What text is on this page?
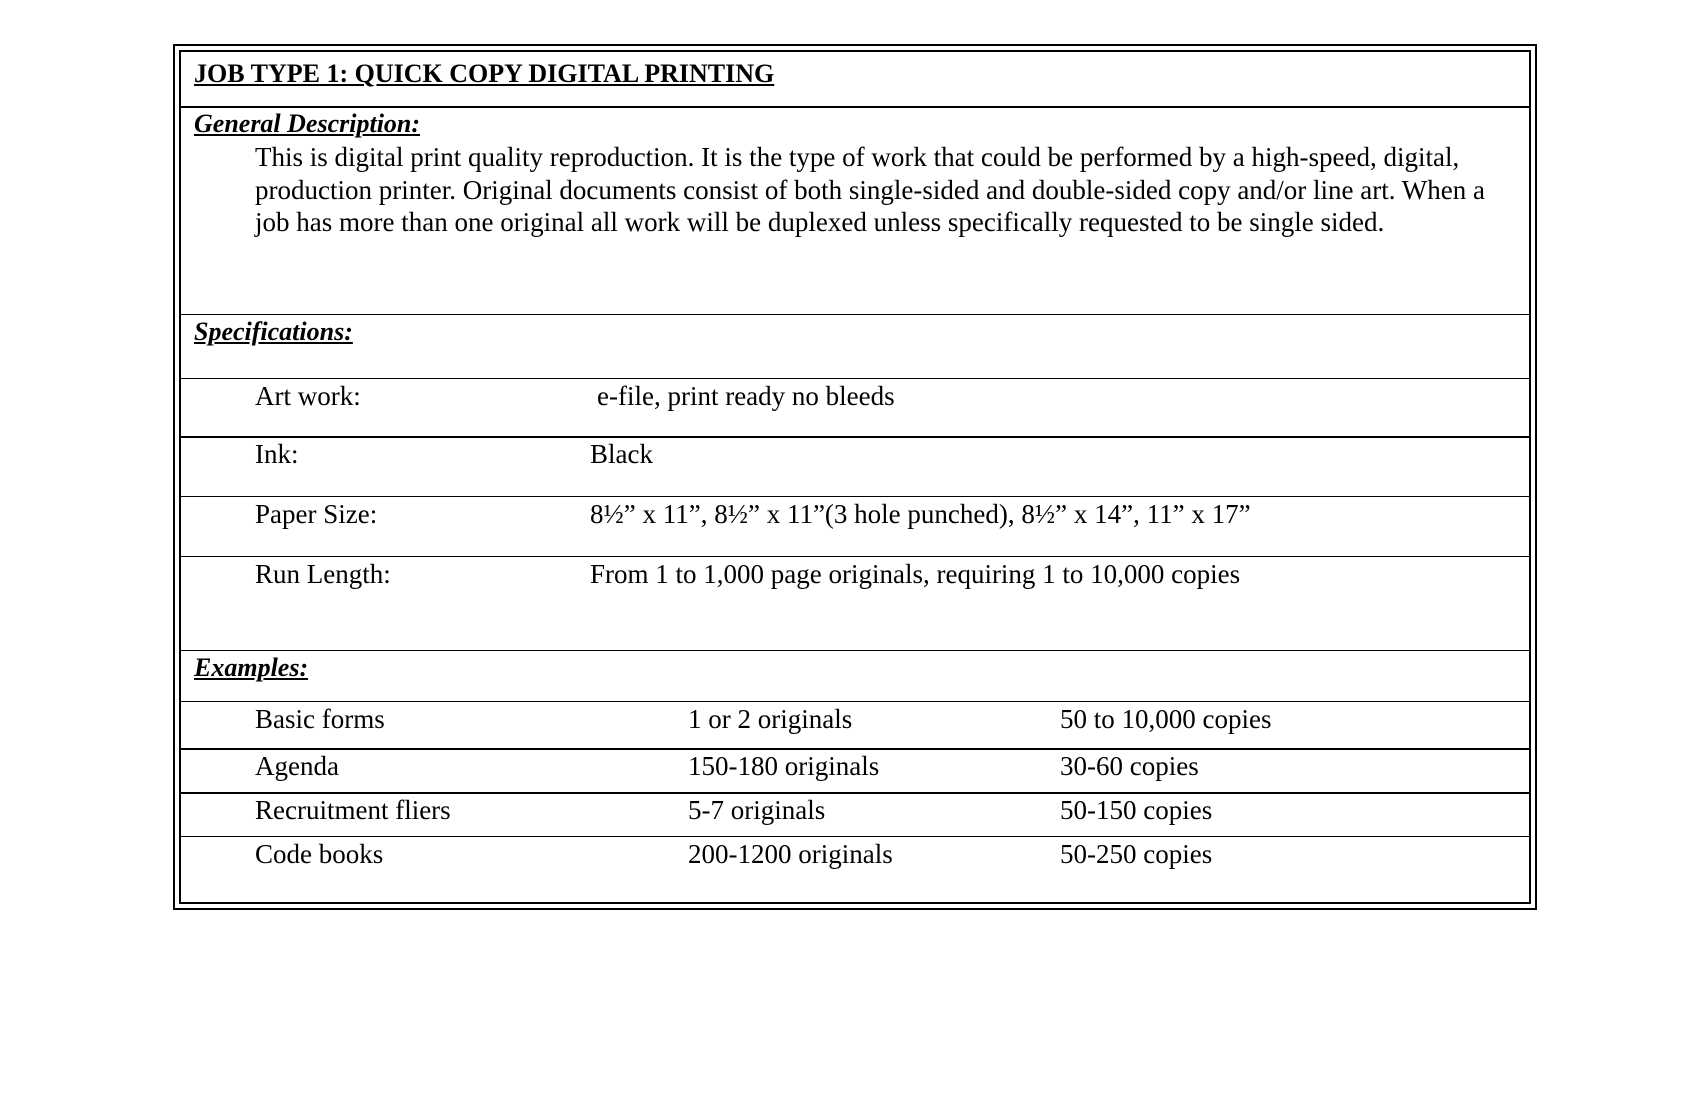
JOB TYPE 1: QUICK COPY DIGITAL PRINTING
General Description:
This is digital print quality reproduction. It is the type of work that could be performed by a high-speed, digital, production printer. Original documents consist of both single-sided and double-sided copy and/or line art. When a job has more than one original all work will be duplexed unless specifically requested to be single sided.
Specifications:
Art work:	e-file, print ready no bleeds
Ink:	Black
Paper Size:	8½” x 11”, 8½” x 11”(3 hole punched), 8½” x 14”, 11” x 17”
Run Length:	From 1 to 1,000 page originals, requiring 1 to 10,000 copies
Examples:
Basic forms	1 or 2 originals	50 to 10,000 copies
Agenda	150-180 originals	30-60 copies
Recruitment fliers	5-7 originals	50-150 copies
Code books	200-1200 originals	50-250 copies
